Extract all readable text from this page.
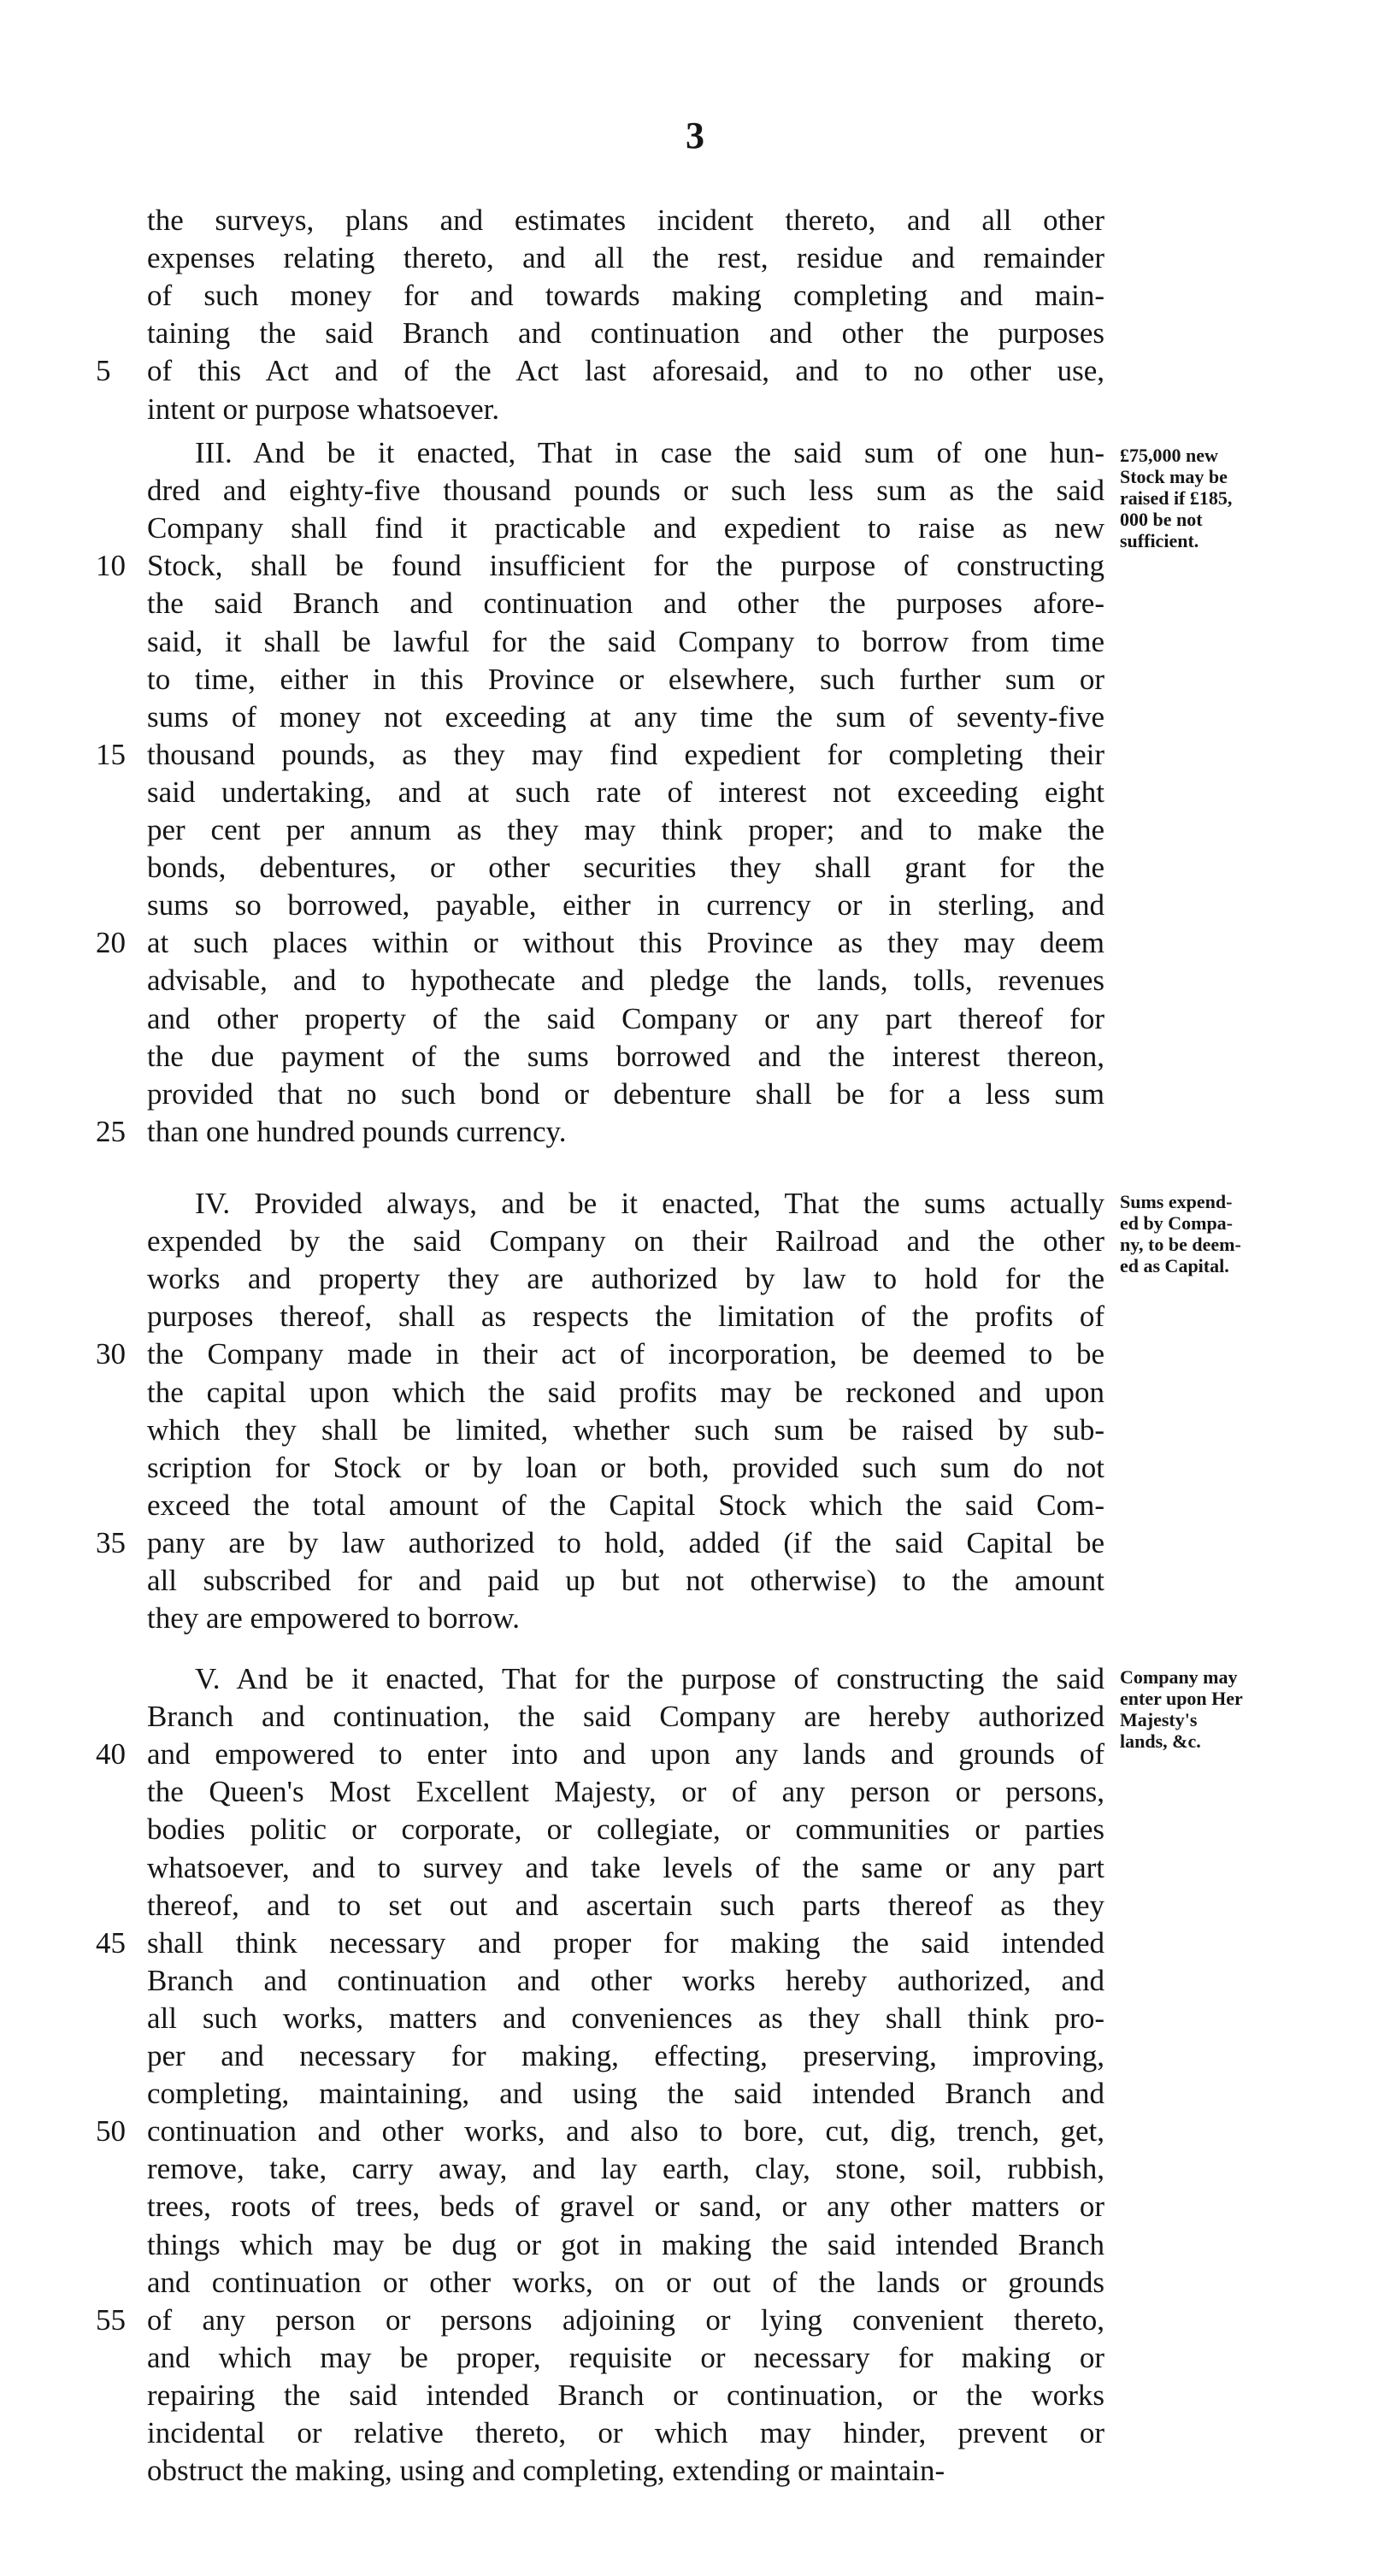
3
the surveys, plans and estimates incident thereto, and all other
expenses relating thereto, and all the rest, residue and remainder
of such money for and towards making completing and main-
taining the said Branch and continuation and other the purposes
of this Act and of the Act last aforesaid, and to no other use,
5
intent or purpose whatsoever.
III. And be it enacted, That in case the said sum of one hun-
dred and eighty-five thousand pounds or such less sum as the said
Company shall find it practicable and expedient to raise as new
Stock, shall be found insufficient for the purpose of constructing
10
the said Branch and continuation and other the purposes afore-
said, it shall be lawful for the said Company to borrow from time
to time, either in this Province or elsewhere, such further sum or
sums of money not exceeding at any time the sum of seventy-five
thousand pounds, as they may find expedient for completing their
15
said undertaking, and at such rate of interest not exceeding eight
per cent per annum as they may think proper; and to make the
bonds, debentures, or other securities they shall grant for the
sums so borrowed, payable, either in currency or in sterling, and
at such places within or without this Province as they may deem
20
advisable, and to hypothecate and pledge the lands, tolls, revenues
and other property of the said Company or any part thereof for
the due payment of the sums borrowed and the interest thereon,
provided that no such bond or debenture shall be for a less sum
than one hundred pounds currency.
25
£75,000 new
Stock may be
raised if £185,
000 be not
sufficient.
IV. Provided always, and be it enacted, That the sums actually
expended by the said Company on their Railroad and the other
works and property they are authorized by law to hold for the
purposes thereof, shall as respects the limitation of the profits of
the Company made in their act of incorporation, be deemed to be
30
the capital upon which the said profits may be reckoned and upon
which they shall be limited, whether such sum be raised by sub-
scription for Stock or by loan or both, provided such sum do not
exceed the total amount of the Capital Stock which the said Com-
pany are by law authorized to hold, added (if the said Capital be
35
all subscribed for and paid up but not otherwise) to the amount
they are empowered to borrow.
Sums expend-
ed by Compa-
ny, to be deem-
ed as Capital.
V. And be it enacted, That for the purpose of constructing the said
Branch and continuation, the said Company are hereby authorized
and empowered to enter into and upon any lands and grounds of
40
the Queen's Most Excellent Majesty, or of any person or persons,
bodies politic or corporate, or collegiate, or communities or parties
whatsoever, and to survey and take levels of the same or any part
thereof, and to set out and ascertain such parts thereof as they
shall think necessary and proper for making the said intended
45
Branch and continuation and other works hereby authorized, and
all such works, matters and conveniences as they shall think pro-
per and necessary for making, effecting, preserving, improving,
completing, maintaining, and using the said intended Branch and
continuation and other works, and also to bore, cut, dig, trench, get,
50
remove, take, carry away, and lay earth, clay, stone, soil, rubbish,
trees, roots of trees, beds of gravel or sand, or any other matters or
things which may be dug or got in making the said intended Branch
and continuation or other works, on or out of the lands or grounds
of any person or persons adjoining or lying convenient thereto,
55
and which may be proper, requisite or necessary for making or
repairing the said intended Branch or continuation, or the works
incidental or relative thereto, or which may hinder, prevent or
obstruct the making, using and completing, extending or maintain-
Company may
enter upon Her
Majesty's
lands, &c.
